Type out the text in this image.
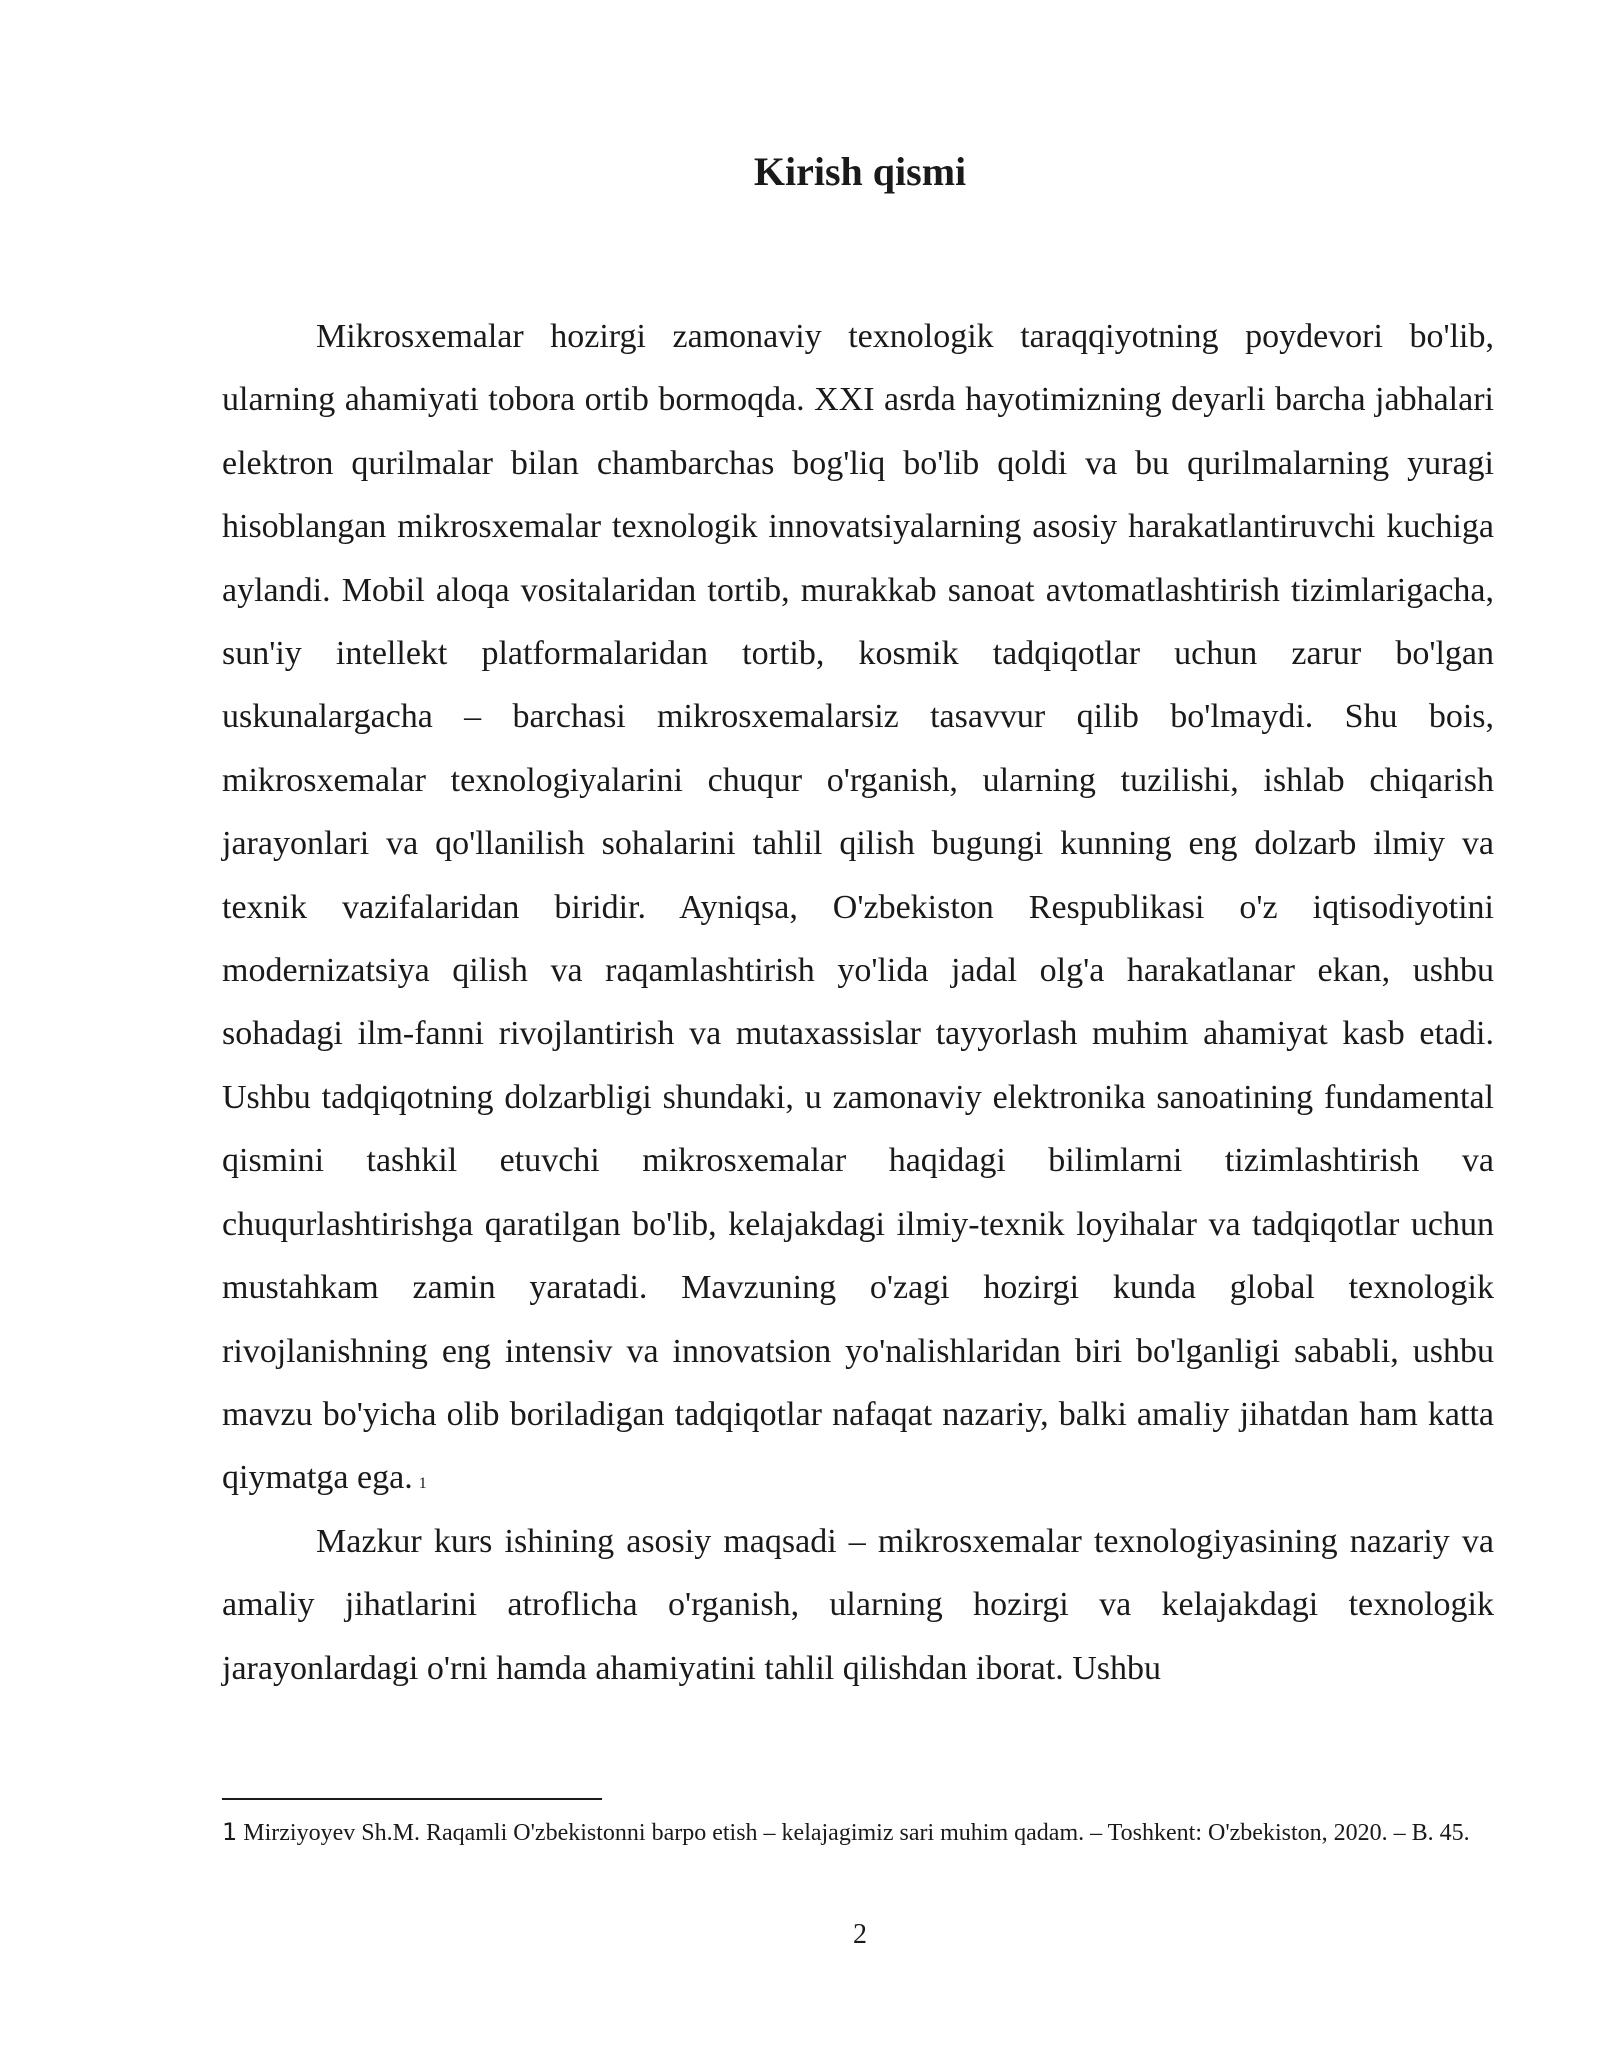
Kirish qismi

Mikrosxemalar hozirgi zamonaviy texnologik taraqqiyotning poydevori bo'lib, ularning ahamiyati tobora ortib bormoqda. XXI asrda hayotimizning deyarli barcha jabhalari elektron qurilmalar bilan chambarchas bog'liq bo'lib qoldi va bu qurilmalarning yuragi hisoblangan mikrosxemalar texnologik innovatsiyalarning asosiy harakatlantiruvchi kuchiga aylandi. Mobil aloqa vositalaridan tortib, murakkab sanoat avtomatlashtirish tizimlarigacha, sun'iy intellekt platformalaridan tortib, kosmik tadqiqotlar uchun zarur bo'lgan uskunalargacha – barchasi mikrosxemalarsiz tasavvur qilib bo'lmaydi. Shu bois, mikrosxemalar texnologiyalarini chuqur o'rganish, ularning tuzilishi, ishlab chiqarish jarayonlari va qo'llanilish sohalarini tahlil qilish bugungi kunning eng dolzarb ilmiy va texnik vazifalaridan biridir. Ayniqsa, O'zbekiston Respublikasi o'z iqtisodiyotini modernizatsiya qilish va raqamlashtirish yo'lida jadal olg'a harakatlanar ekan, ushbu sohadagi ilm-fanni rivojlantirish va mutaxassislar tayyorlash muhim ahamiyat kasb etadi. Ushbu tadqiqotning dolzarbligi shundaki, u zamonaviy elektronika sanoatining fundamental qismini tashkil etuvchi mikrosxemalar haqidagi bilimlarni tizimlashtirish va chuqurlashtirishga qaratilgan bo'lib, kelajakdagi ilmiy-texnik loyihalar va tadqiqotlar uchun mustahkam zamin yaratadi. Mavzuning o'zagi hozirgi kunda global texnologik rivojlanishning eng intensiv va innovatsion yo'nalishlaridan biri bo'lganligi sababli, ushbu mavzu bo'yicha olib boriladigan tadqiqotlar nafaqat nazariy, balki amaliy jihatdan ham katta qiymatga ega. $^1$

Mazkur kurs ishining asosiy maqsadi – mikrosxemalar texnologiyasining nazariy va amaliy jihatlarini atroflicha o'rganish, ularning hozirgi va kelajakdagi texnologik jarayonlardagi o'rni hamda ahamiyatini tahlil qilishdan iborat. Ushbu

1 Mirziyoyev Sh.M. Raqamli O'zbekistonni barpo etish – kelajagimiz sari muhim qadam. – Toshkent: O'zbekiston, 2020. – B. 45.

2
